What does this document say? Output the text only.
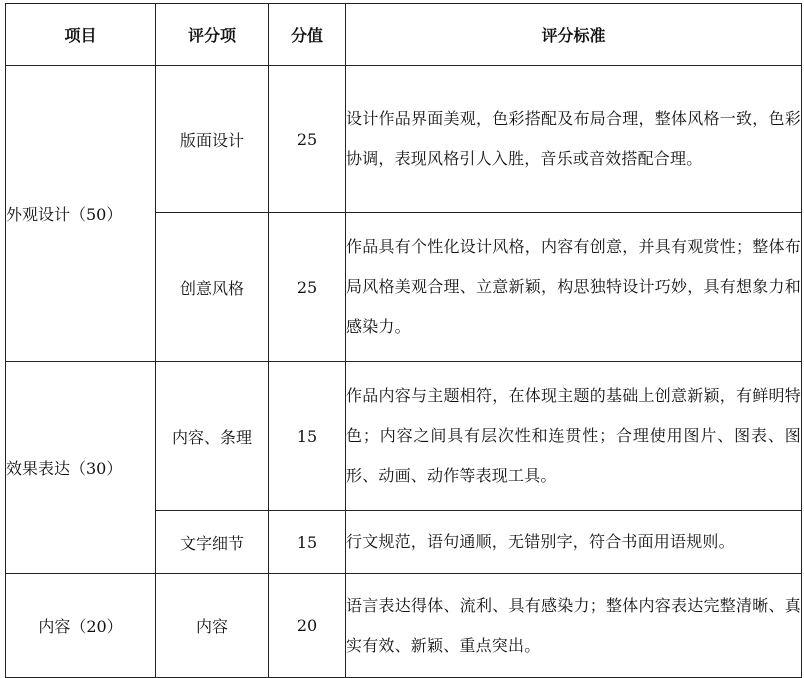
项目	评分项	分值	评分标准
外观设计（50）	版面设计	25	设计作品界面美观，色彩搭配及布局合理，整体风格一致，色彩协调，表现风格引人入胜，音乐或音效搭配合理。
	创意风格	25	作品具有个性化设计风格，内容有创意，并具有观赏性；整体布局风格美观合理、立意新颖，构思独特设计巧妙，具有想象力和感染力。
效果表达（30）	内容、条理	15	作品内容与主题相符，在体现主题的基础上创意新颖，有鲜明特色；内容之间具有层次性和连贯性；合理使用图片、图表、图形、动画、动作等表现工具。
	文字细节	15	行文规范，语句通顺，无错别字，符合书面用语规则。
内容（20）	内容	20	语言表达得体、流利、具有感染力；整体内容表达完整清晰、真实有效、新颖、重点突出。
